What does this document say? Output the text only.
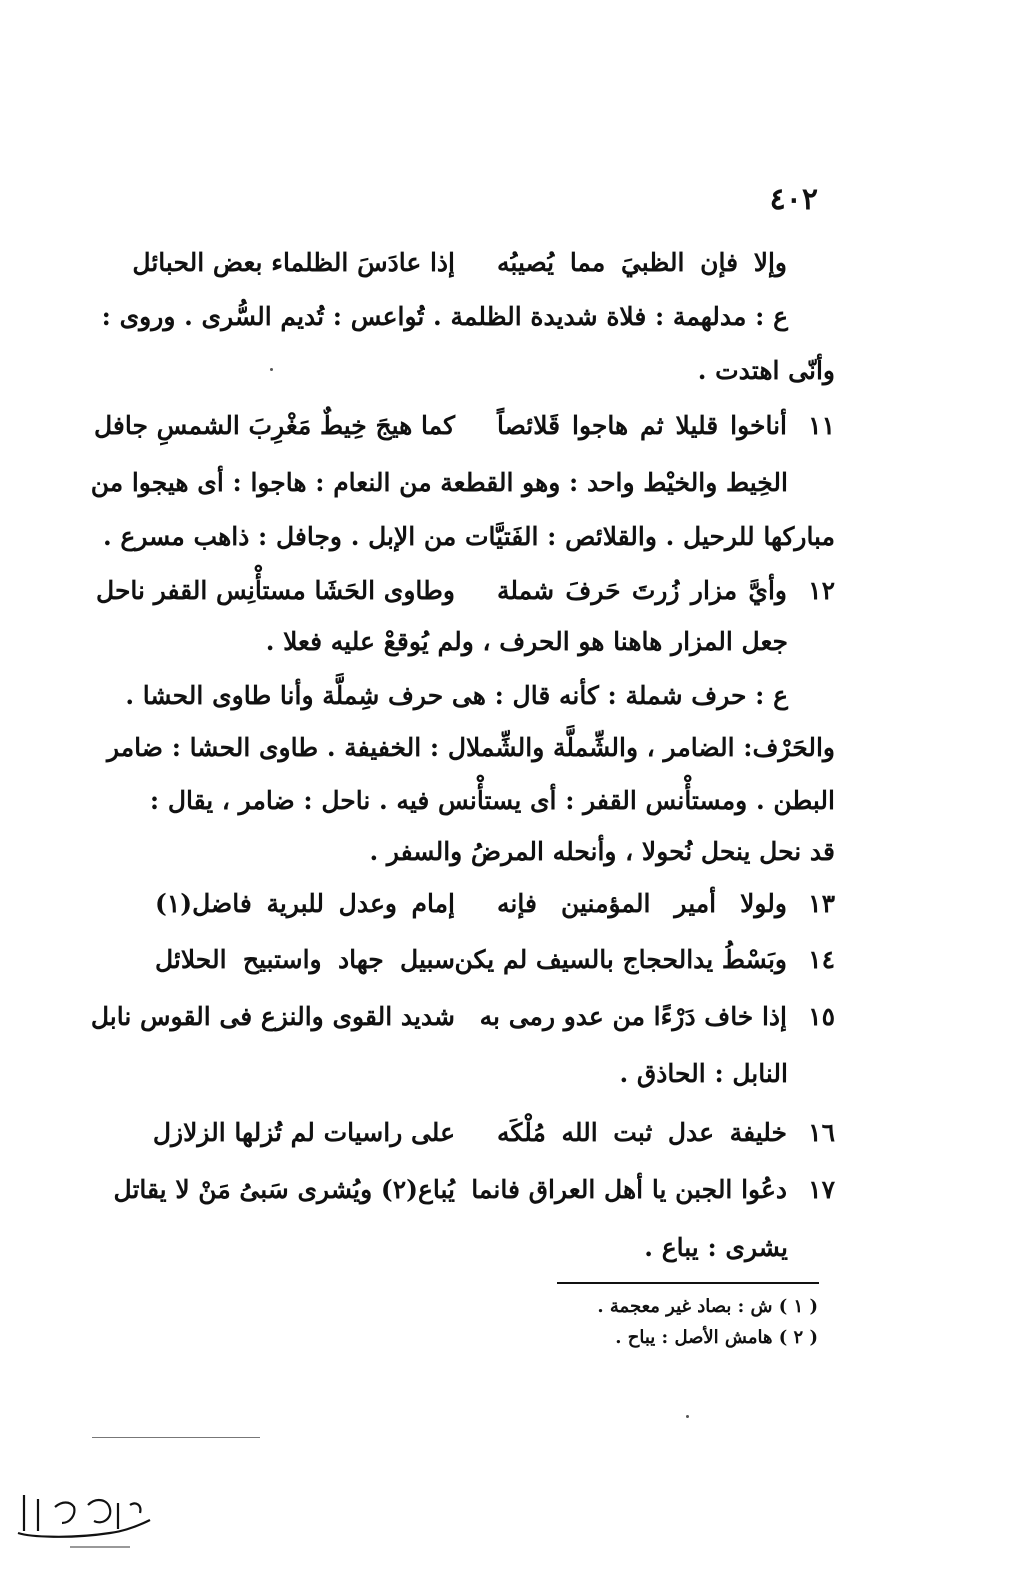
٤٠٢
وإلا فإن الظبيَ مما يُصيبُه
إذا عادَسَ الظلماء بعض الحبائل
ع : مدلهمة : فلاة شديدة الظلمة . تُواعس : تُديم السُّرى . وروى :
وأنّى اهتدت .
١١
أناخوا قليلا ثم هاجوا قَلائصاً
كما هيجَ خِيطٌ مَغْرِبَ الشمسِ جافل
الخِيط والخيْط واحد : وهو القطعة من النعام : هاجوا : أى هيجوا من
مباركها للرحيل . والقلائص : الفَتيَّات من الإبل . وجافل : ذاهب مسرع .
١٢
وأيَّ مزار زُرتَ حَرفَ شملة
وطاوى الحَشَا مستأْنِس القفر ناحل
جعل المزار هاهنا هو الحرف ، ولم يُوقعْ عليه فعلا .
ع : حرف شملة : كأنه قال : هى حرف شِملَّة وأنا طاوى الحشا .
والحَرْف: الضامر ، والشِّملَّة والشِّملال : الخفيفة . طاوى الحشا : ضامر
البطن . ومستأْنس القفر : أى يستأْنس فيه . ناحل : ضامر ، يقال :
قد نحل ينحل نُحولا ، وأنحله المرضُ والسفر .
١٣
ولولا أمير المؤمنين فإنه
إمام وعدل للبرية فاضل(١)
١٤
وبَسْطُ يدالحجاج بالسيف لم يكن
سبيل جهاد واستبيح الحلائل
١٥
إذا خاف دَرْءًا من عدو رمى به
شديد القوى والنزع فى القوس نابل
النابل : الحاذق .
١٦
خليفة عدل ثبت الله مُلْكَه
على راسيات لم تُزلها الزلازل
١٧
دعُوا الجبن يا أهل العراق فانما
يُباع(٢) ويُشرى سَبىُ مَنْ لا يقاتل
يشرى : يباع .
( ١ ) ش : بصاد غير معجمة .
( ٢ ) هامش الأصل : يباح .
